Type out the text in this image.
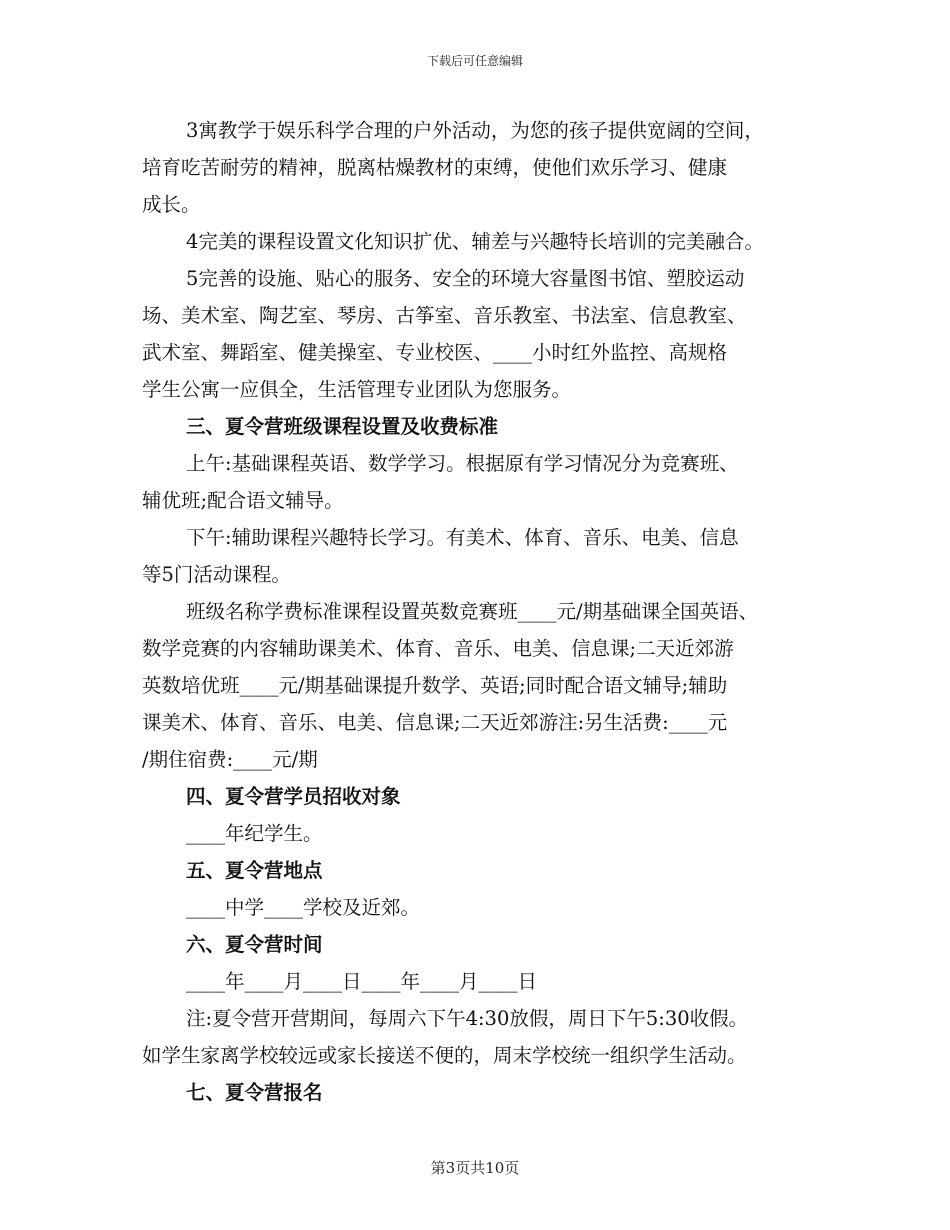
下载后可任意编辑

3寓教学于娱乐科学合理的户外活动，为您的孩子提供宽阔的空间，
培育吃苦耐劳的精神，脱离枯燥教材的束缚，使他们欢乐学习、健康
成长。

4完美的课程设置文化知识扩优、辅差与兴趣特长培训的完美融合。

5完善的设施、贴心的服务、安全的环境大容量图书馆、塑胶运动
场、美术室、陶艺室、琴房、古筝室、音乐教室、书法室、信息教室、
武术室、舞蹈室、健美操室、专业校医、____小时红外监控、高规格
学生公寓一应俱全，生活管理专业团队为您服务。

三、夏令营班级课程设置及收费标准

上午:基础课程英语、数学学习。根据原有学习情况分为竞赛班、
辅优班;配合语文辅导。

下午:辅助课程兴趣特长学习。有美术、体育、音乐、电美、信息
等5门活动课程。

班级名称学费标准课程设置英数竞赛班____元/期基础课全国英语、
数学竞赛的内容辅助课美术、体育、音乐、电美、信息课;二天近郊游
英数培优班____元/期基础课提升数学、英语;同时配合语文辅导;辅助
课美术、体育、音乐、电美、信息课;二天近郊游注:另生活费:____元
/期住宿费:____元/期

四、夏令营学员招收对象

____年纪学生。

五、夏令营地点

____中学____学校及近郊。

六、夏令营时间

____年____月____日____年____月____日

注:夏令营开营期间，每周六下午4:30放假，周日下午5:30收假。
如学生家离学校较远或家长接送不便的，周末学校统一组织学生活动。

七、夏令营报名

第3页共10页
